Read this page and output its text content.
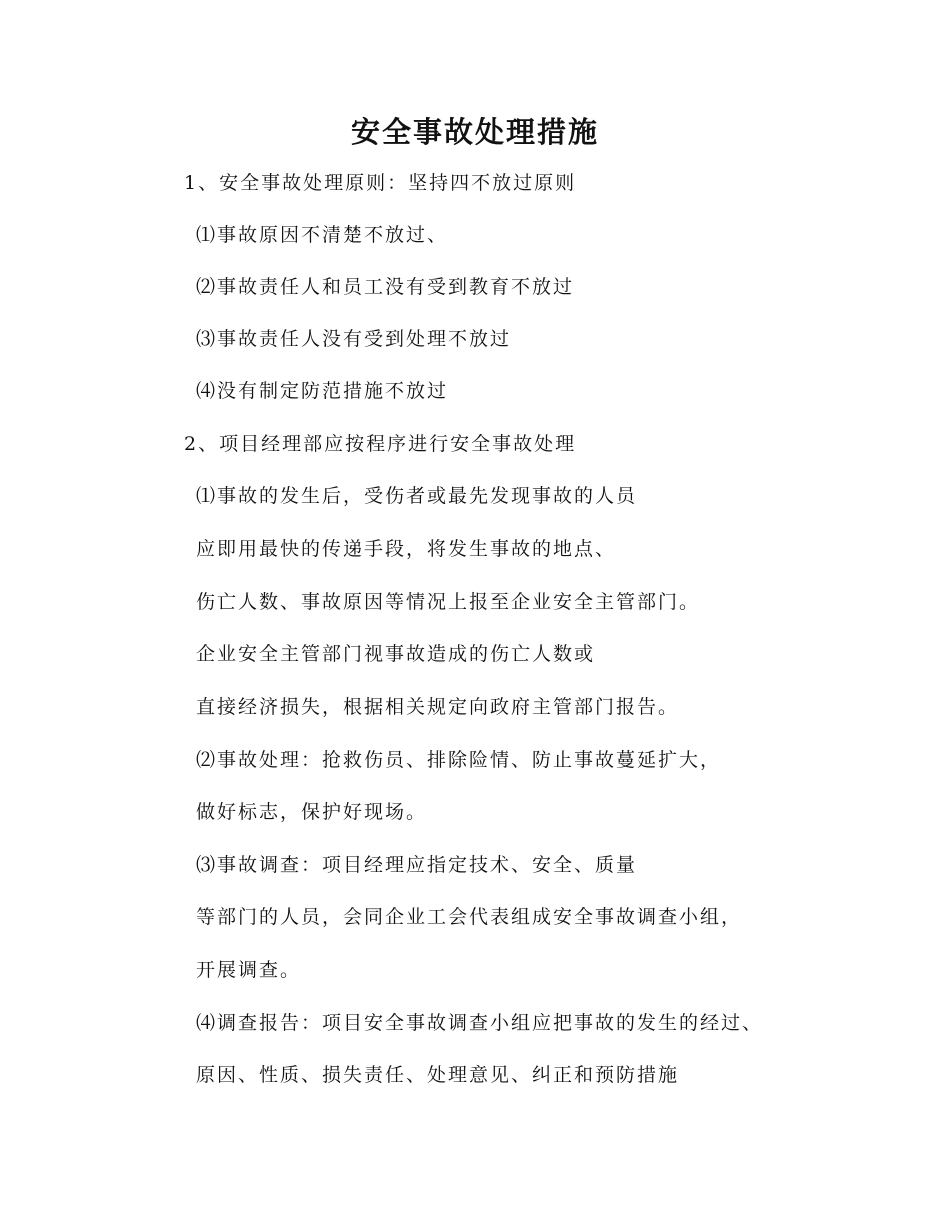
安全事故处理措施

1、安全事故处理原则：坚持四不放过原则

⑴事故原因不清楚不放过、

⑵事故责任人和员工没有受到教育不放过

⑶事故责任人没有受到处理不放过

⑷没有制定防范措施不放过

2、项目经理部应按程序进行安全事故处理

⑴事故的发生后，受伤者或最先发现事故的人员

应即用最快的传递手段，将发生事故的地点、

伤亡人数、事故原因等情况上报至企业安全主管部门。

企业安全主管部门视事故造成的伤亡人数或

直接经济损失，根据相关规定向政府主管部门报告。

⑵事故处理：抢救伤员、排除险情、防止事故蔓延扩大，

做好标志，保护好现场。

⑶事故调查：项目经理应指定技术、安全、质量

等部门的人员，会同企业工会代表组成安全事故调查小组，

开展调查。

⑷调查报告：项目安全事故调查小组应把事故的发生的经过、

原因、性质、损失责任、处理意见、纠正和预防措施
